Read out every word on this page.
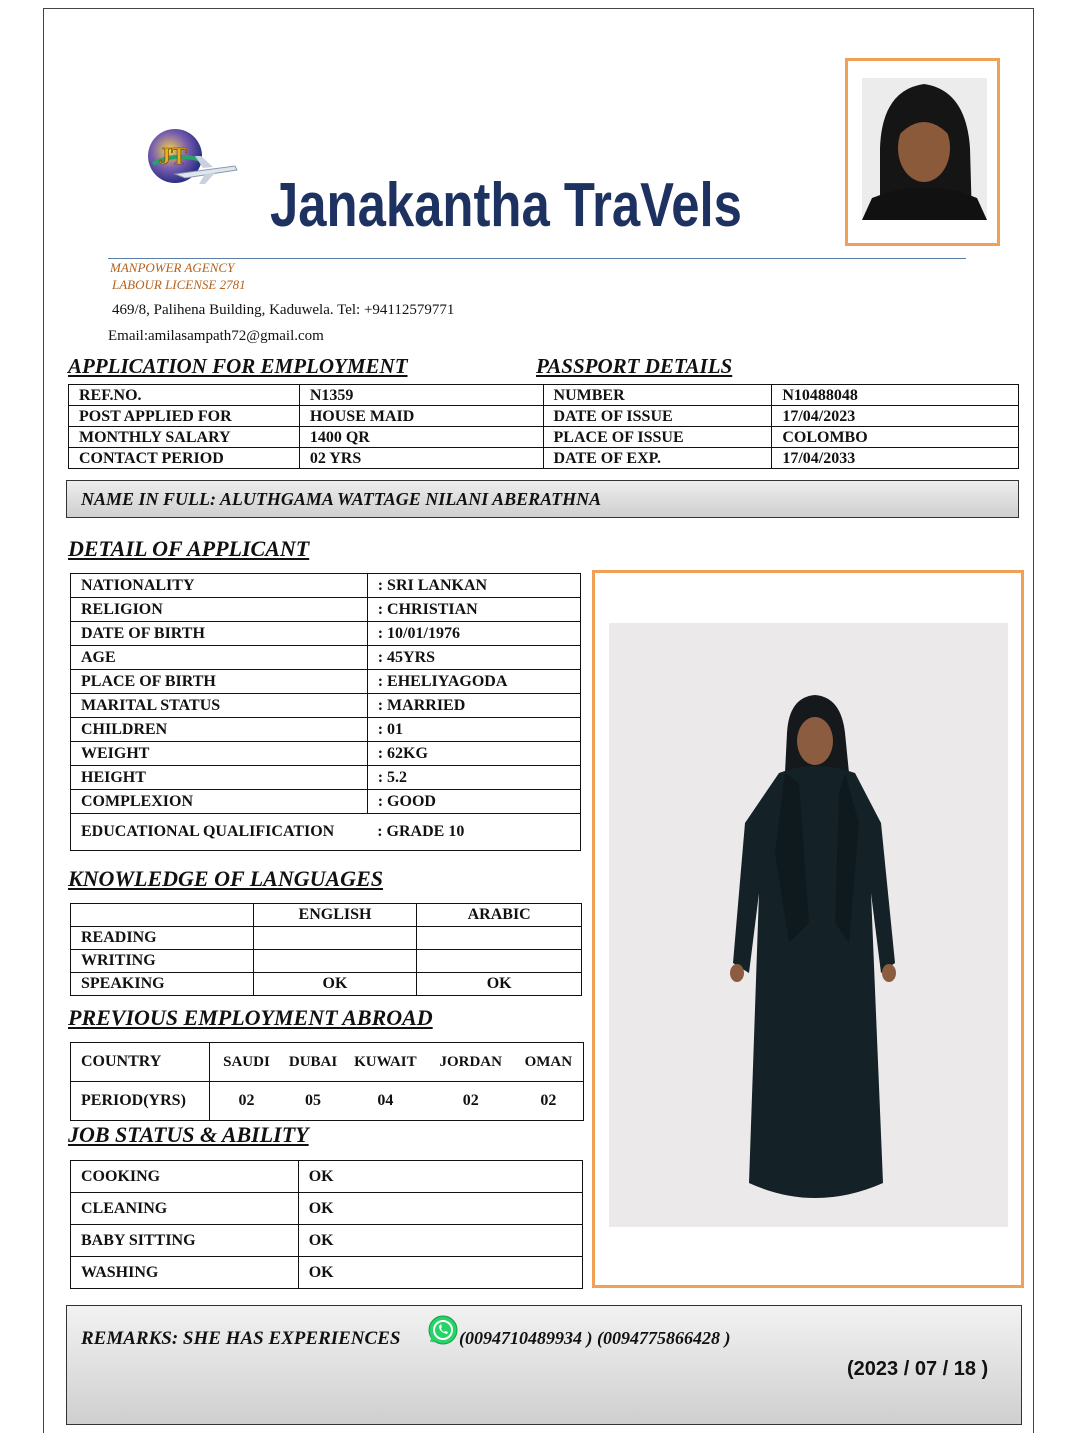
JT
Janakantha TraVels
MANPOWER AGENCY
LABOUR LICENSE 2781
469/8, Palihena Building, Kaduwela. Tel: +94112579771
Email:amilasampath72@gmail.com
APPLICATION FOR EMPLOYMENT	PASSPORT DETAILS
REF.NO.	N1359	NUMBER	N10488048
POST APPLIED FOR	HOUSE MAID	DATE OF ISSUE	17/04/2023
MONTHLY SALARY	1400 QR	PLACE OF ISSUE	COLOMBO
CONTACT PERIOD	02 YRS	DATE OF EXP.	17/04/2033
NAME IN FULL: ALUTHGAMA WATTAGE NILANI ABERATHNA
DETAIL OF APPLICANT
NATIONALITY	: SRI LANKAN
RELIGION	: CHRISTIAN
DATE OF BIRTH	: 10/01/1976
AGE	: 45YRS
PLACE OF BIRTH	: EHELIYAGODA
MARITAL STATUS	: MARRIED
CHILDREN	: 01
WEIGHT	: 62KG
HEIGHT	: 5.2
COMPLEXION	: GOOD
EDUCATIONAL QUALIFICATION	: GRADE 10
KNOWLEDGE OF LANGUAGES
	ENGLISH	ARABIC
READING		
WRITING		
SPEAKING	OK	OK
PREVIOUS EMPLOYMENT ABROAD
COUNTRY	SAUDI	DUBAI	KUWAIT	JORDAN	OMAN
PERIOD(YRS)	02	05	04	02	02
JOB STATUS & ABILITY
COOKING	OK
CLEANING	OK
BABY SITTING	OK
WASHING	OK
REMARKS: SHE HAS EXPERIENCES	(0094710489934 ) (0094775866428 )
(2023 / 07 / 18 )
